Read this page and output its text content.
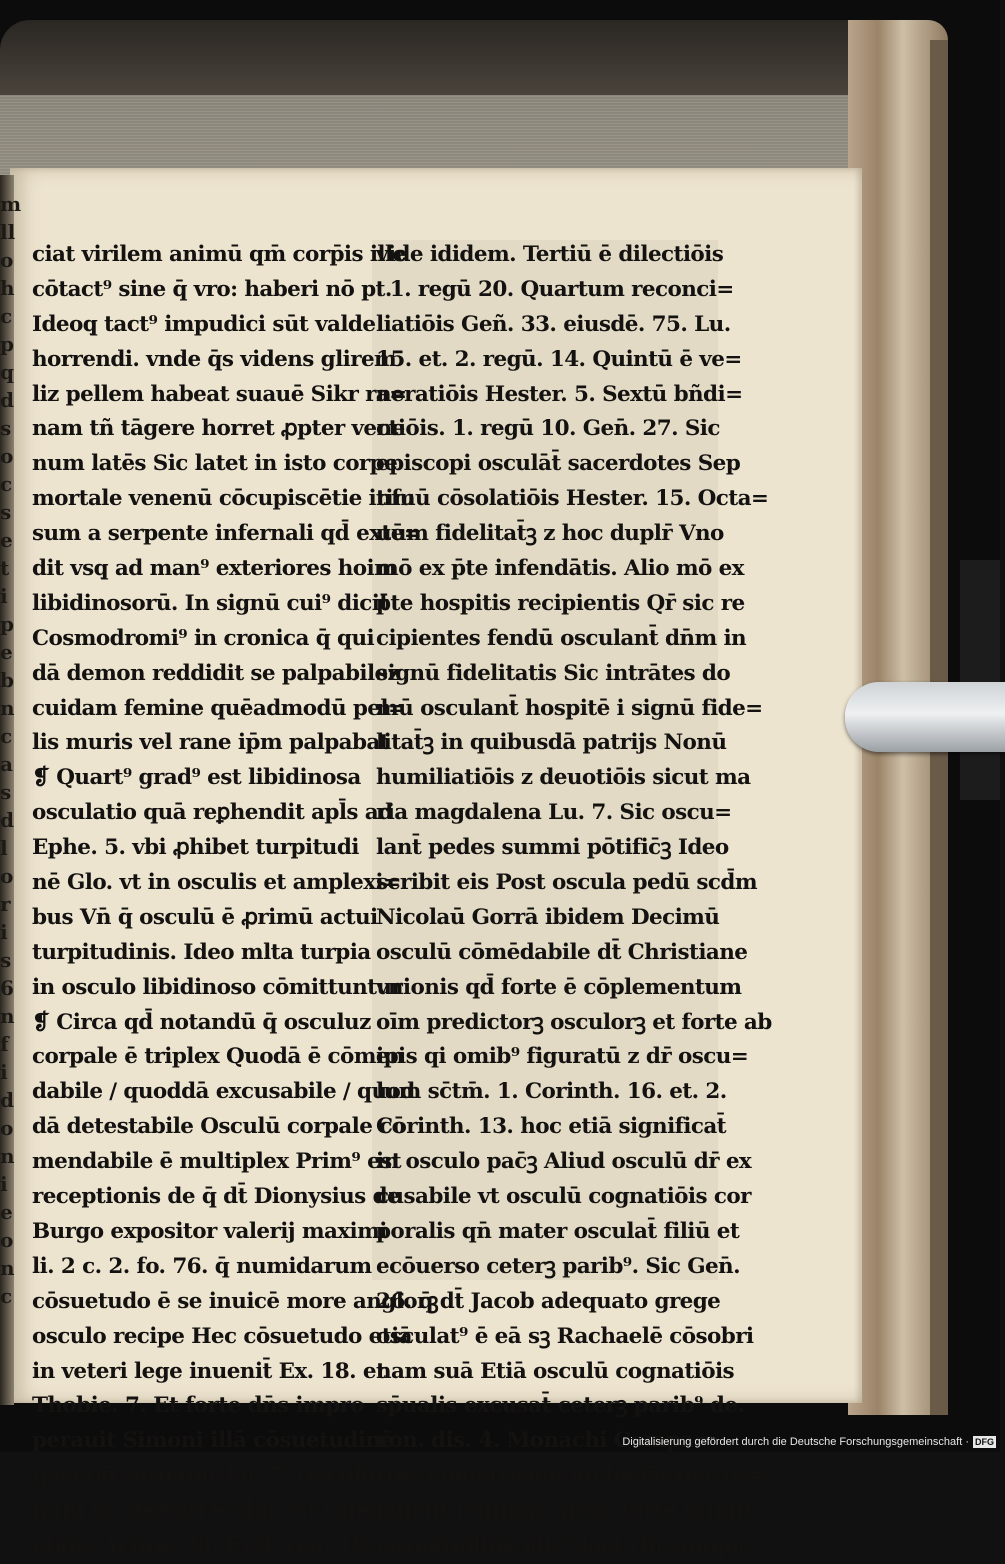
m
ll
o
h
c
p
q
d
s
o
c
s
e
t
i
p
e
b
n
c
a
s
d
l
o
r
i
s
6
n
f
i
d
o
n
i
e
o
n
c
ciat virilem animū qm̄ corp̄is ille
cōtact⁹ sine q̄ vro: haberi nō pt.
Ideoq̧ tact⁹ impudici sūt valde
horrendi. vnde q̄s videns glirem
liz pellem habeat suauē Sikr ra=
nam tñ tāgere horret ꝓpter vene
num latēs Sic latet in isto corpe
mortale venenū cōcupiscētie infu
sum a serpente infernali qd̄ extē=
dit vsq̧ ad man⁹ exteriores hoim
libidinosorū. In signū cui⁹ dicit
Cosmodromi⁹ in cronica q̄ qui
dā demon reddidit se palpabilez
cuidam femine quēadmodū pel=
lis muris vel rane ip̄m palpabat
❡ Quart⁹ grad⁹ est libidinosa
osculatio quā reꝑhendit apl̄s ad
Ephe. 5. vbi ꝓhibet turpitudi
nē Glo. vt in osculis et amplexi=
bus Vn̄ q̄ osculū ē ꝓrimū actui
turpitudinis. Ideo mlta turpia
in osculo libidinoso cōmittuntur
❡ Circa qd̄ notandū q̄ osculuz
corpale ē triplex Quodā ē cōmen
dabile / quoddā excusabile / quod
dā detestabile Osculū corpale cō
mendabile ē multiplex Prim⁹ est
receptionis de q̄ dt̄ Dionysius de
Burgo expositor valerij maximi
li. 2 c. 2. fo. 76. q̄ numidarum
cōsuetudo ē se inuicē more anglorꝫ
osculo recipe Hec cōsuetudo etiā
in veteri lege inuenit̄ Ex. 18. et
Thobie. 7. Et forte dn̄s impro
perauit Simoni illā cōsuetudinē
q̄ eā nō seruauit Lu. 7. Osculū
mihi nō dedisti Scd̄m est valedi
ctiōis Actuū. 20. Et 3. reg. 19.
vide ididem. Tertiū ē dilectiōis
. 1. regū 20. Quartum reconci=
liatiōis Geñ. 33. eiusdē. 75. Lu.
15. et. 2. regū. 14. Quintū ē ve=
neratiōis Hester. 5. Sextū bñdi=
ctiōis. 1. regū 10. Gen̄. 27. Sic
episcopi osculāt̄ sacerdotes Sep
timū cōsolatiōis Hester. 15. Octa=
uum fidelitat̄ꝫ z hoc duplr̄ Vno
mō ex p̄te infendātis. Alio mō ex
p̄te hospitis recipientis Qr̄ sic re
cipientes fendū osculant̄ dn̄m in
signū fidelitatis Sic intrātes do
mū osculant̄ hospitē i signū fide=
litat̄ꝫ in quibusdā patrijs Nonū
humiliatiōis z deuotiōis sicut ma
ria magdalena Lu. 7. Sic oscu=
lant̄ pedes summi pōtific̄ꝫ Ideo
scribit eis Post oscula pedū scd̄m
Nicolaū Gorrā ibidem Decimū
osculū cōmēdabile dt̄ Christiane
vnionis qd̄ forte ē cōplementum
oīm predictorꝫ osculorꝫ et forte ab
ipis qi omib⁹ figuratū z dr̄ oscu=
lum sc̄tm̄. 1. Corinth. 16. et. 2.
Corinth. 13. hoc etiā significat̄
in osculo pac̄ꝫ Aliud osculū dr̄ ex
cusabile vt osculū cognatiōis cor
poralis qn̄ mater osculat̄ filiū et
ecōuerso ceterꝫ parib⁹. Sic Gen̄.
26. q̄ dt̄ Jacob adequato grege
osculat⁹ ē eā sꝫ Rachaelē cōsobri
nam suā Etiā osculū cognatiōis
sp̄ualis excusat̄ ceterꝫ parib⁹ de.
con. dis. 4. Monachi Compa=
tres cōmatresue nō faciāt nec os=
culent̄ feminas glosa forte tangit
cōsuetudinē alic⁹ loci vbi compa
Digitalisierung gefördert durch die Deutsche Forschungsgemeinschaft · DFG
